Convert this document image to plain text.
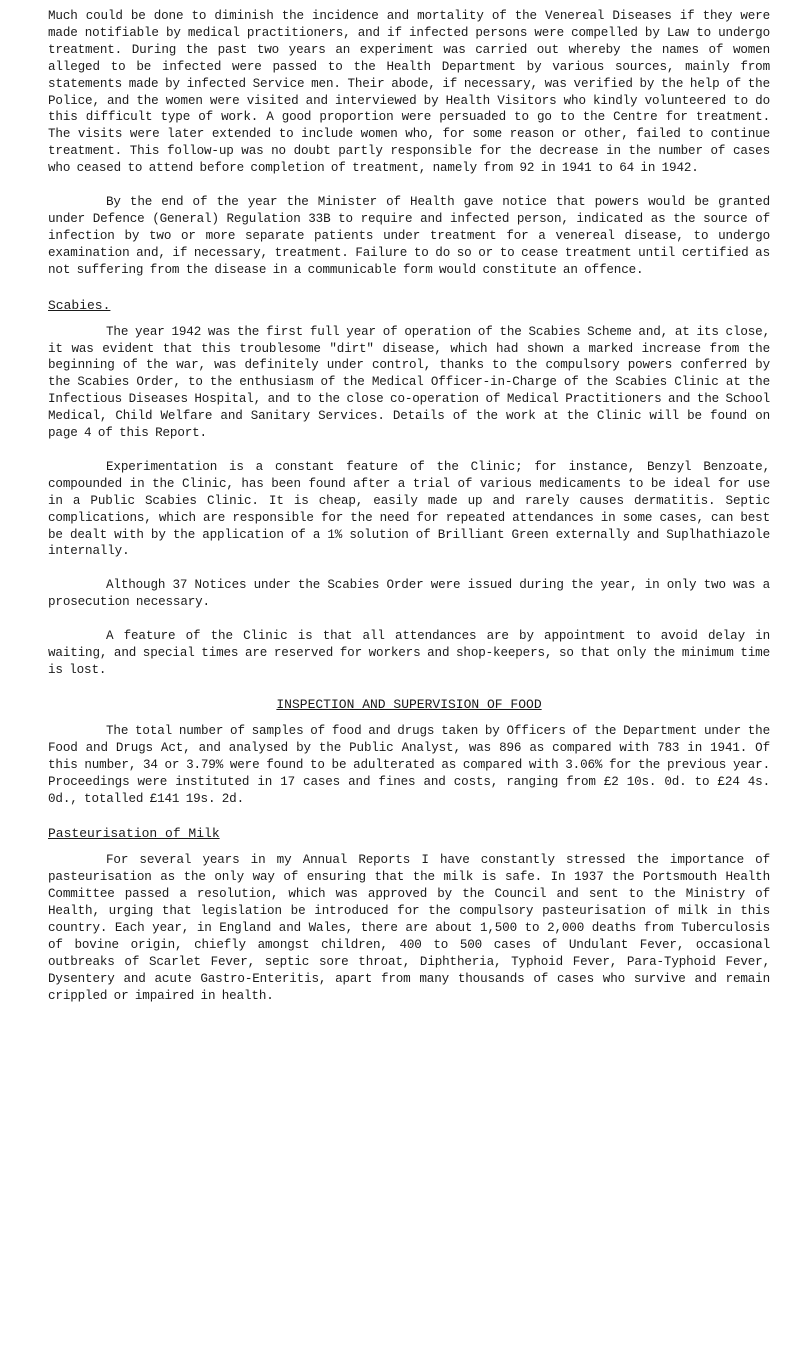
Much could be done to diminish the incidence and mortality of the Venereal Diseases if they were made notifiable by medical practitioners, and if infected persons were compelled by Law to undergo treatment. During the past two years an experiment was carried out whereby the names of women alleged to be infected were passed to the Health Department by various sources, mainly from statements made by infected Service men. Their abode, if necessary, was verified by the help of the Police, and the women were visited and interviewed by Health Visitors who kindly volunteered to do this difficult type of work. A good proportion were persuaded to go to the Centre for treatment. The visits were later extended to include women who, for some reason or other, failed to continue treatment. This follow-up was no doubt partly responsible for the decrease in the number of cases who ceased to attend before completion of treatment, namely from 92 in 1941 to 64 in 1942.

By the end of the year the Minister of Health gave notice that powers would be granted under Defence (General) Regulation 33B to require and infected person, indicated as the source of infection by two or more separate patients under treatment for a venereal disease, to undergo examination and, if necessary, treatment. Failure to do so or to cease treatment until certified as not suffering from the disease in a communicable form would constitute an offence.

Scabies.

The year 1942 was the first full year of operation of the Scabies Scheme and, at its close, it was evident that this troublesome "dirt" disease, which had shown a marked increase from the beginning of the war, was definitely under control, thanks to the compulsory powers conferred by the Scabies Order, to the enthusiasm of the Medical Officer-in-Charge of the Scabies Clinic at the Infectious Diseases Hospital, and to the close co-operation of Medical Practitioners and the School Medical, Child Welfare and Sanitary Services. Details of the work at the Clinic will be found on page 4 of this Report.

Experimentation is a constant feature of the Clinic; for instance, Benzyl Benzoate, compounded in the Clinic, has been found after a trial of various medicaments to be ideal for use in a Public Scabies Clinic. It is cheap, easily made up and rarely causes dermatitis. Septic complications, which are responsible for the need for repeated attendances in some cases, can best be dealt with by the application of a 1% solution of Brilliant Green externally and Suplhathiazole internally.

Although 37 Notices under the Scabies Order were issued during the year, in only two was a prosecution necessary.

A feature of the Clinic is that all attendances are by appointment to avoid delay in waiting, and special times are reserved for workers and shop-keepers, so that only the minimum time is lost.

INSPECTION AND SUPERVISION OF FOOD

The total number of samples of food and drugs taken by Officers of the Department under the Food and Drugs Act, and analysed by the Public Analyst, was 896 as compared with 783 in 1941. Of this number, 34 or 3.79% were found to be adulterated as compared with 3.06% for the previous year. Proceedings were instituted in 17 cases and fines and costs, ranging from £2 10s. 0d. to £24 4s. 0d., totalled £141 19s. 2d.

Pasteurisation of Milk

For several years in my Annual Reports I have constantly stressed the importance of pasteurisation as the only way of ensuring that the milk is safe. In 1937 the Portsmouth Health Committee passed a resolution, which was approved by the Council and sent to the Ministry of Health, urging that legislation be introduced for the compulsory pasteurisation of milk in this country. Each year, in England and Wales, there are about 1,500 to 2,000 deaths from Tuberculosis of bovine origin, chiefly amongst children, 400 to 500 cases of Undulant Fever, occasional outbreaks of Scarlet Fever, septic sore throat, Diphtheria, Typhoid Fever, Para-Typhoid Fever, Dysentery and acute Gastro-Enteritis, apart from many thousands of cases who survive and remain crippled or impaired in health.
